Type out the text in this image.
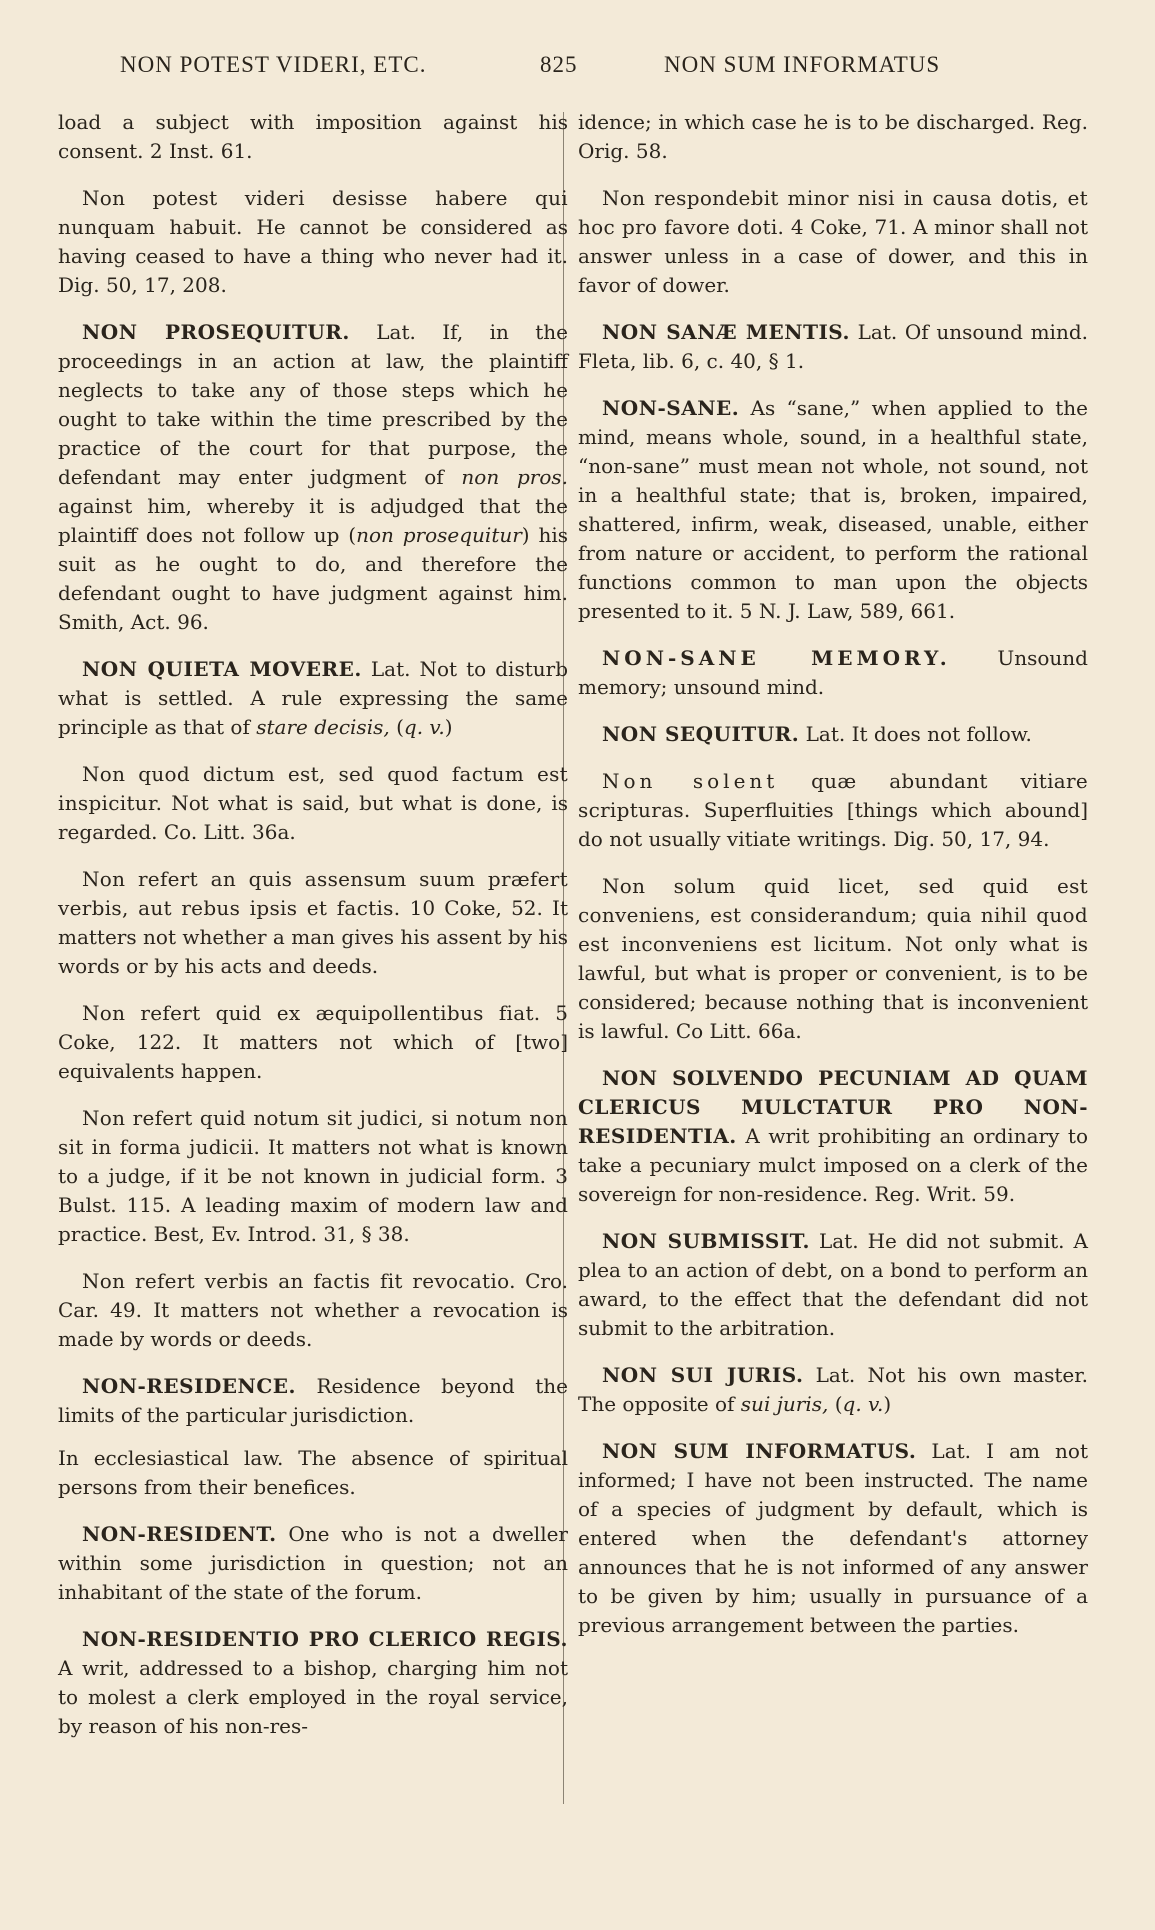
NON POTEST VIDERI, ETC.	825	NON SUM INFORMATUS

load a subject with imposition against his consent. 2 Inst. 61.

Non potest videri desisse habere qui nunquam habuit. He cannot be considered as having ceased to have a thing who never had it. Dig. 50, 17, 208.

NON PROSEQUITUR. Lat. If, in the proceedings in an action at law, the plaintiff neglects to take any of those steps which he ought to take within the time prescribed by the practice of the court for that purpose, the defendant may enter judgment of non pros. against him, whereby it is adjudged that the plaintiff does not follow up (non prosequitur) his suit as he ought to do, and therefore the defendant ought to have judgment against him. Smith, Act. 96.

NON QUIETA MOVERE. Lat. Not to disturb what is settled. A rule expressing the same principle as that of stare decisis, (q. v.)

Non quod dictum est, sed quod factum est inspicitur. Not what is said, but what is done, is regarded. Co. Litt. 36a.

Non refert an quis assensum suum præfert verbis, aut rebus ipsis et factis. 10 Coke, 52. It matters not whether a man gives his assent by his words or by his acts and deeds.

Non refert quid ex æquipollentibus fiat. 5 Coke, 122. It matters not which of [two] equivalents happen.

Non refert quid notum sit judici, si notum non sit in forma judicii. It matters not what is known to a judge, if it be not known in judicial form. 3 Bulst. 115. A leading maxim of modern law and practice. Best, Ev. Introd. 31, § 38.

Non refert verbis an factis fit revocatio. Cro. Car. 49. It matters not whether a revocation is made by words or deeds.

NON-RESIDENCE. Residence beyond the limits of the particular jurisdiction.

In ecclesiastical law. The absence of spiritual persons from their benefices.

NON-RESIDENT. One who is not a dweller within some jurisdiction in question; not an inhabitant of the state of the forum.

NON-RESIDENTIO PRO CLERICO REGIS. A writ, addressed to a bishop, charging him not to molest a clerk employed in the royal service, by reason of his non-res-

idence; in which case he is to be discharged. Reg. Orig. 58.

Non respondebit minor nisi in causa dotis, et hoc pro favore doti. 4 Coke, 71. A minor shall not answer unless in a case of dower, and this in favor of dower.

NON SANÆ MENTIS. Lat. Of unsound mind. Fleta, lib. 6, c. 40, § 1.

NON-SANE. As “sane,” when applied to the mind, means whole, sound, in a healthful state, “non-sane” must mean not whole, not sound, not in a healthful state; that is, broken, impaired, shattered, infirm, weak, diseased, unable, either from nature or accident, to perform the rational functions common to man upon the objects presented to it. 5 N. J. Law, 589, 661.

NON-SANE MEMORY. Unsound memory; unsound mind.

NON SEQUITUR. Lat. It does not follow.

Non solent quæ abundant vitiare scripturas. Superfluities [things which abound] do not usually vitiate writings. Dig. 50, 17, 94.

Non solum quid licet, sed quid est conveniens, est considerandum; quia nihil quod est inconveniens est licitum. Not only what is lawful, but what is proper or convenient, is to be considered; because nothing that is inconvenient is lawful. Co Litt. 66a.

NON SOLVENDO PECUNIAM AD QUAM CLERICUS MULCTATUR PRO NON-RESIDENTIA. A writ prohibiting an ordinary to take a pecuniary mulct imposed on a clerk of the sovereign for non-residence. Reg. Writ. 59.

NON SUBMISSIT. Lat. He did not submit. A plea to an action of debt, on a bond to perform an award, to the effect that the defendant did not submit to the arbitration.

NON SUI JURIS. Lat. Not his own master. The opposite of sui juris, (q. v.)

NON SUM INFORMATUS. Lat. I am not informed; I have not been instructed. The name of a species of judgment by default, which is entered when the defendant's attorney announces that he is not informed of any answer to be given by him; usually in pursuance of a previous arrangement between the parties.
